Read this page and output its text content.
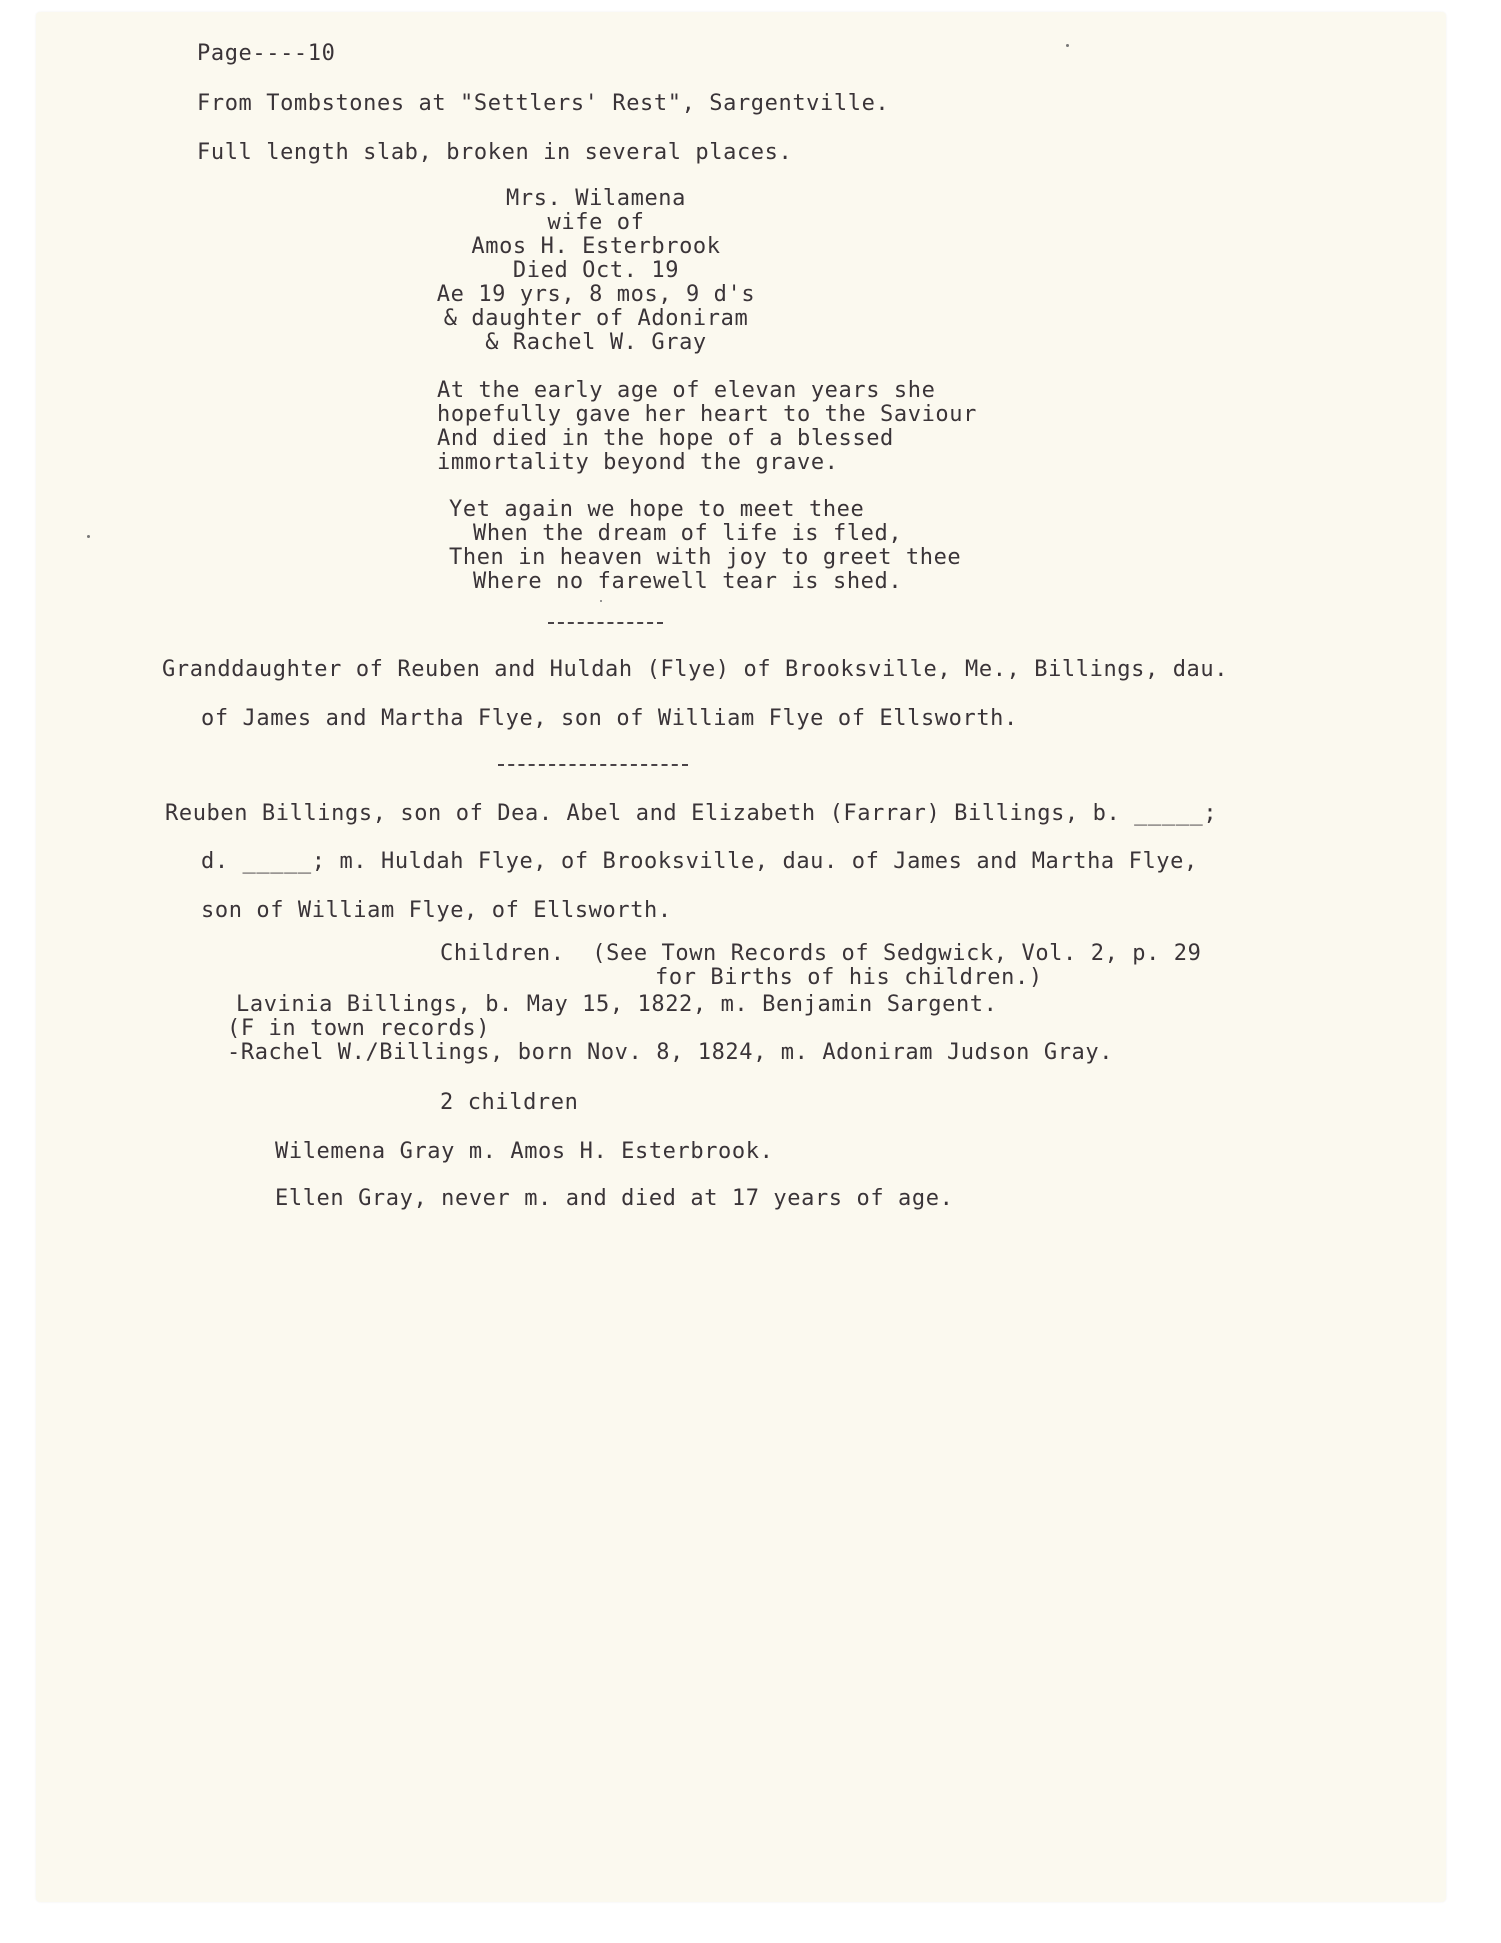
Page----10
From Tombstones at "Settlers' Rest", Sargentville.
Full length slab, broken in several places.
Mrs. Wilamena
wife of
Amos H. Esterbrook
Died Oct. 19
Ae 19 yrs, 8 mos, 9 d's
& daughter of Adoniram
& Rachel W. Gray
At the early age of elevan years she
hopefully gave her heart to the Saviour
And died in the hope of a blessed
immortality beyond the grave.
Yet again we hope to meet thee
When the dream of life is fled,
Then in heaven with joy to greet thee
Where no farewell tear is shed.
Granddaughter of Reuben and Huldah (Flye) of Brooksville, Me., Billings, dau.
of James and Martha Flye, son of William Flye of Ellsworth.
Reuben Billings, son of Dea. Abel and Elizabeth (Farrar) Billings, b. _____;
d. _____; m. Huldah Flye, of Brooksville, dau. of James and Martha Flye,
son of William Flye, of Ellsworth.
Children.  (See Town Records of Sedgwick, Vol. 2, p. 29
for Births of his children.)
Lavinia Billings, b. May 15, 1822, m. Benjamin Sargent.
(F in town records)
-Rachel W./Billings, born Nov. 8, 1824, m. Adoniram Judson Gray.
2 children
Wilemena Gray m. Amos H. Esterbrook.
Ellen Gray, never m. and died at 17 years of age.
